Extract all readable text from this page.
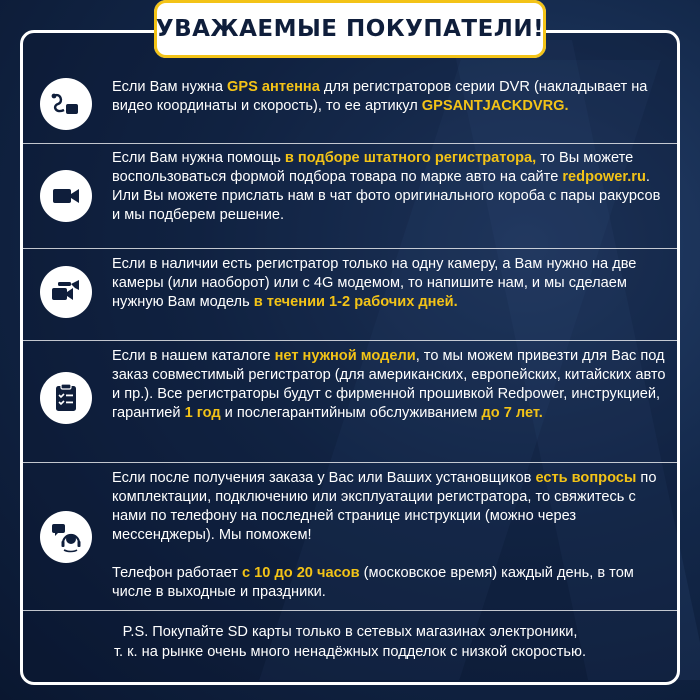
УВАЖАЕМЫЕ ПОКУПАТЕЛИ!

Если Вам нужна GPS антенна для регистраторов серии DVR (накладывает на видео координаты и скорость), то ее артикул GPSANTJACKDVRG.

Если Вам нужна помощь в подборе штатного регистратора, то Вы можете воспользоваться формой подбора товара по марке авто на сайте redpower.ru. Или Вы можете прислать нам в чат фото оригинального короба с пары ракурсов и мы подберем решение.

Если в наличии есть регистратор только на одну камеру, а Вам нужно на две камеры (или наоборот) или с 4G модемом, то напишите нам, и мы сделаем нужную Вам модель в течении 1-2 рабочих дней.

Если в нашем каталоге нет нужной модели, то мы можем привезти для Вас под заказ совместимый регистратор (для американских, европейских, китайских авто и пр.). Все регистраторы будут с фирменной прошивкой Redpower, инструкцией, гарантией 1 год и послегарантийным обслуживанием до 7 лет.

Если после получения заказа у Вас или Ваших установщиков есть вопросы по комплектации, подключению или эксплуатации регистратора, то свяжитесь с нами по телефону на последней странице инструкции (можно через мессенджеры). Мы поможем!

Телефон работает с 10 до 20 часов (московское время) каждый день, в том числе в выходные и праздники.

P.S. Покупайте SD карты только в сетевых магазинах электроники,
т. к. на рынке очень много ненадёжных подделок с низкой скоростью.
